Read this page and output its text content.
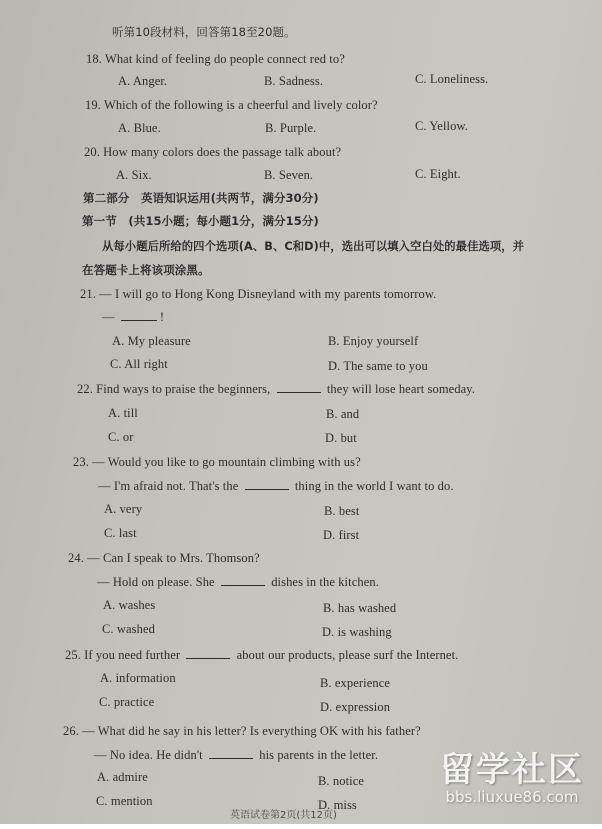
听第10段材料，回答第18至20题。
18. What kind of feeling do people connect red to?
A. Anger.	B. Sadness.	C. Loneliness.
19. Which of the following is a cheerful and lively color?
A. Blue.	B. Purple.	C. Yellow.
20. How many colors does the passage talk about?
A. Six.	B. Seven.	C. Eight.
第二部分　英语知识运用(共两节，满分30分)
第一节　(共15小题；每小题1分，满分15分)
从每小题后所给的四个选项(A、B、C和D)中，选出可以填入空白处的最佳选项，并
在答题卡上将该项涂黑。
21. — I will go to Hong Kong Disneyland with my parents tomorrow.
—	!
A. My pleasure	B. Enjoy yourself
C. All right	D. The same to you
22. Find ways to praise the beginners,	they will lose heart someday.
A. till	B. and
C. or	D. but
23. — Would you like to go mountain climbing with us?
— I'm afraid not. That's the	thing in the world I want to do.
A. very	B. best
C. last	D. first
24. — Can I speak to Mrs. Thomson?
— Hold on please. She	dishes in the kitchen.
A. washes	B. has washed
C. washed	D. is washing
25. If you need further	about our products, please surf the Internet.
A. information	B. experience
C. practice	D. expression
26. — What did he say in his letter? Is everything OK with his father?
— No idea. He didn't	his parents in the letter.
A. admire	B. notice
C. mention	D. miss
英语试卷第2页(共12页)
留学社区
bbs.liuxue86.com
